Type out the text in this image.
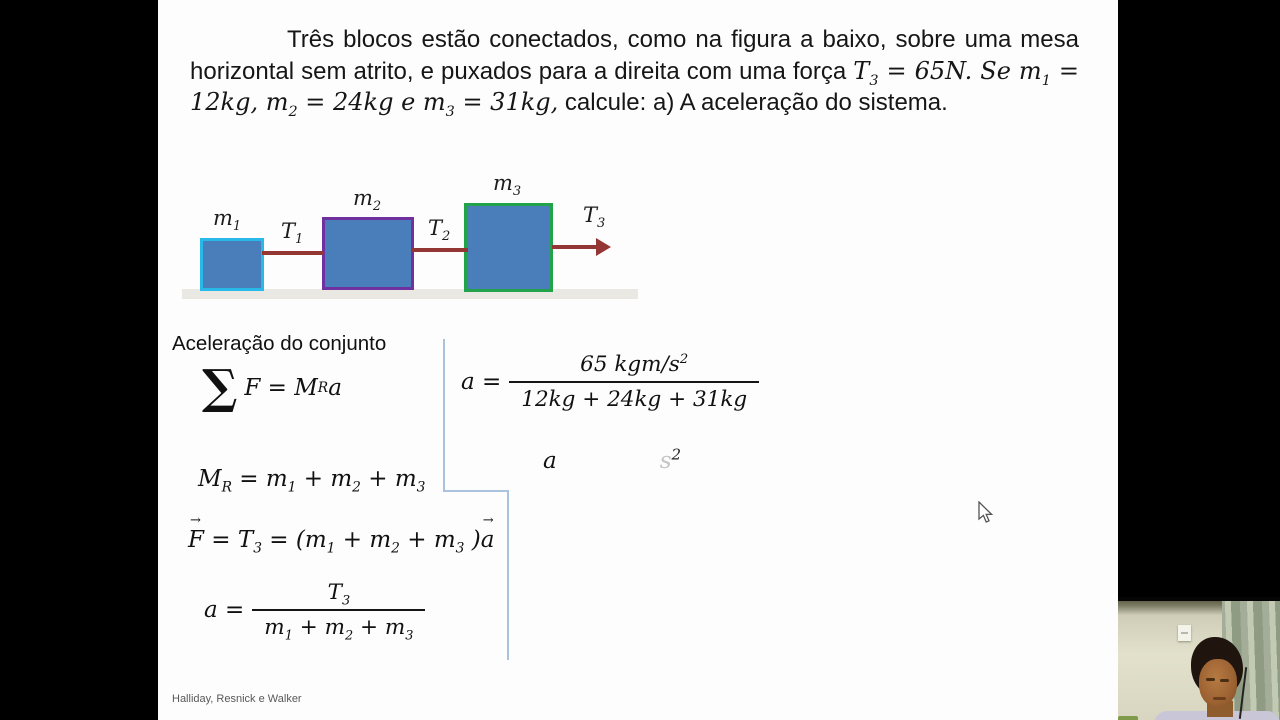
Três blocos estão conectados, como na figura a baixo, sobre uma mesa horizontal sem atrito, e puxados para a direita com uma força $T_3 = 65N$. Se $m_1 = 12kg$, $m_2 = 24kg$ e $m_3 = 31kg$, calcule: a) A aceleração do sistema.

$m_1$ $T_1$
$m_2$
$T_2$
$m_3$
$T_3$
Aceleração do conjunto
∑ F = M R a
$M_R = m_1 + m_2 + m_3$
→
$F = T_3 = (m_1 + m_2 + m_3$ )
→
a
$a = \frac{T_3}{m_1 + m_2 + m_3}$
$a = \frac{65 kgm/s^2}{12kg + 24kg + 31kg}$
a	$s^2$
Halliday, Resnick e Walker
